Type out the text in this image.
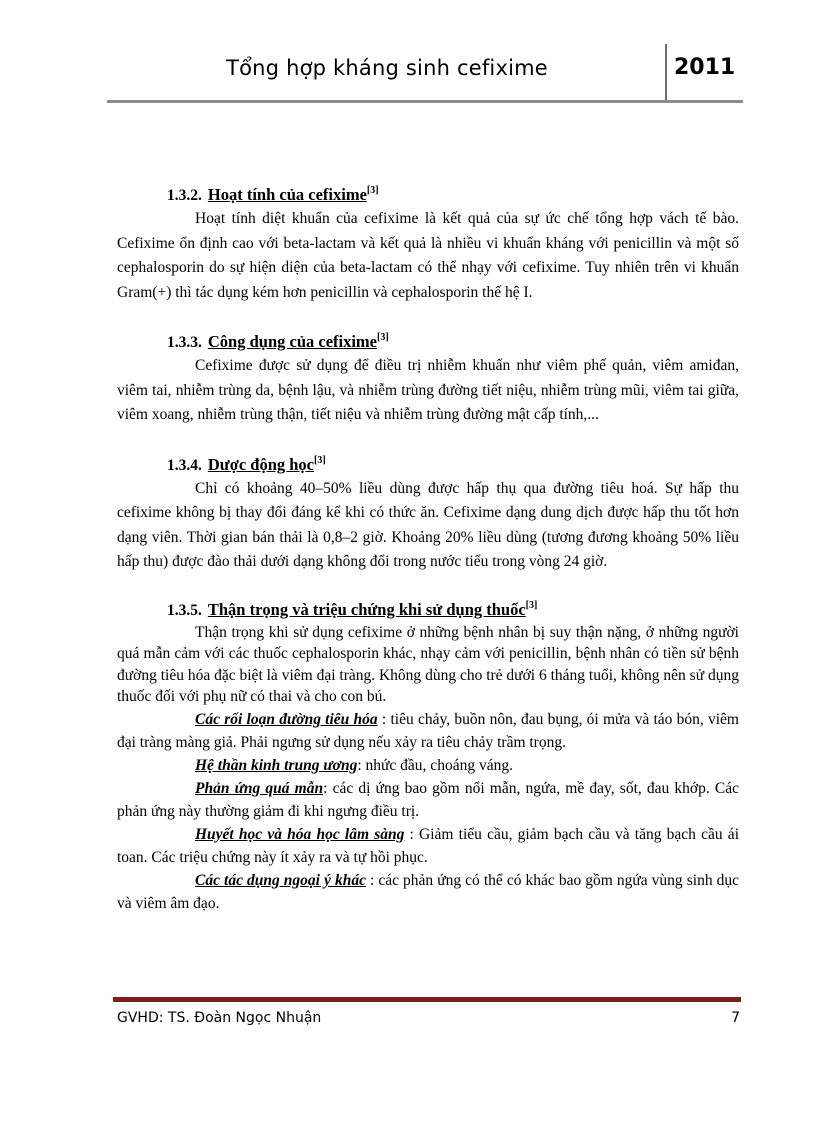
Tổng hợp kháng sinh cefixime	2011

1.3.2. Hoạt tính của cefixime[3]

Hoạt tính diệt khuẩn của cefixime là kết quả của sự ức chế tổng hợp vách tế bào. Cefixime ổn định cao với beta-lactam và kết quả là nhiều vi khuẩn kháng với penicillin và một số cephalosporin do sự hiện diện của beta-lactam có thể nhạy với cefixime. Tuy nhiên trên vi khuẩn Gram(+) thì tác dụng kém hơn penicillin và cephalosporin thế hệ I.

1.3.3. Công dụng của cefixime[3]

Cefixime được sử dụng để điều trị nhiễm khuẩn như viêm phế quản, viêm amiđan, viêm tai, nhiễm trùng da, bệnh lậu, và nhiễm trùng đường tiết niệu, nhiễm trùng mũi, viêm tai giữa, viêm xoang, nhiễm trùng thận, tiết niệu và nhiễm trùng đường mật cấp tính,...

1.3.4. Dược động học[3]

Chỉ có khoảng 40–50% liều dùng được hấp thụ qua đường tiêu hoá. Sự hấp thu cefixime không bị thay đổi đáng kể khi có thức ăn. Cefixime dạng dung dịch được hấp thu tốt hơn dạng viên. Thời gian bán thải là 0,8–2 giờ. Khoảng 20% liều dùng (tương đương khoảng 50% liều hấp thu) được đào thải dưới dạng không đổi trong nước tiểu trong vòng 24 giờ.

1.3.5. Thận trọng và triệu chứng khi sử dụng thuốc[3]

Thận trọng khi sử dụng cefixime ở những bệnh nhân bị suy thận nặng, ở những người quá mẫn cảm với các thuốc cephalosporin khác, nhạy cảm với penicillin, bệnh nhân có tiền sử bệnh đường tiêu hóa đặc biệt là viêm đại tràng. Không dùng cho trẻ dưới 6 tháng tuổi, không nên sử dụng thuốc đối với phụ nữ có thai và cho con bú.

Các rối loạn đường tiêu hóa : tiêu chảy, buồn nôn, đau bụng, ói mửa và táo bón, viêm đại tràng màng giả. Phải ngưng sử dụng nếu xảy ra tiêu chảy trầm trọng.

Hệ thần kinh trung ương: nhức đầu, choáng váng.

Phản ứng quá mẫn: các dị ứng bao gồm nổi mẫn, ngứa, mề đay, sốt, đau khớp. Các phản ứng này thường giảm đi khi ngưng điều trị.

Huyết học và hóa học lâm sàng : Giảm tiểu cầu, giảm bạch cầu và tăng bạch cầu ái toan. Các triệu chứng này ít xảy ra và tự hồi phục.

Các tác dụng ngoại ý khác : các phản ứng có thể có khác bao gồm ngứa vùng sinh dục và viêm âm đạo.

GVHD: TS. Đoàn Ngọc Nhuận	7
